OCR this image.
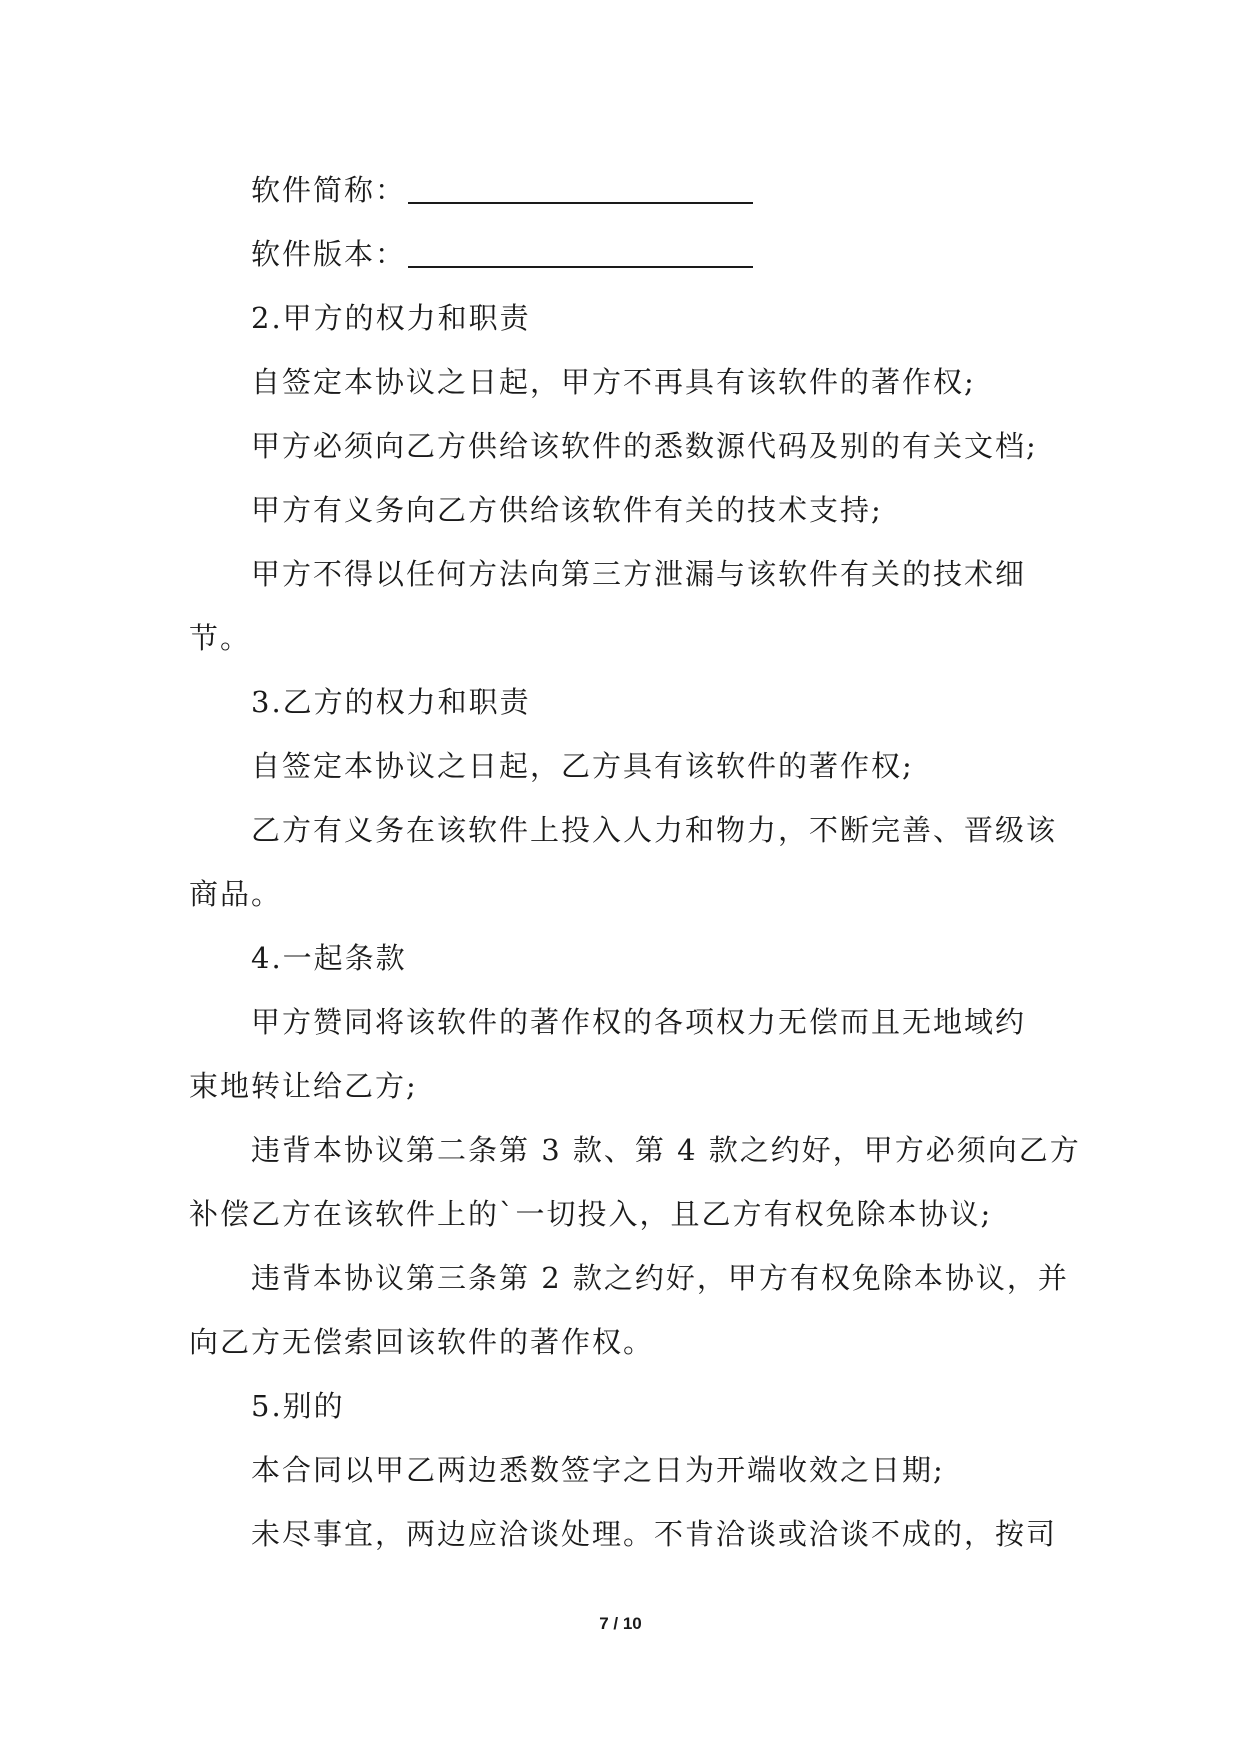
软件简称：
软件版本：
2.甲方的权力和职责
自签定本协议之日起，甲方不再具有该软件的著作权;
甲方必须向乙方供给该软件的悉数源代码及别的有关文档;
甲方有义务向乙方供给该软件有关的技术支持;
甲方不得以任何方法向第三方泄漏与该软件有关的技术细
节。
3.乙方的权力和职责
自签定本协议之日起，乙方具有该软件的著作权;
乙方有义务在该软件上投入人力和物力，不断完善、晋级该
商品。
4.一起条款
甲方赞同将该软件的著作权的各项权力无偿而且无地域约
束地转让给乙方;
违背本协议第二条第 3 款、第 4 款之约好，甲方必须向乙方
补偿乙方在该软件上的`一切投入，且乙方有权免除本协议;
违背本协议第三条第 2 款之约好，甲方有权免除本协议，并
向乙方无偿索回该软件的著作权。
5.别的
本合同以甲乙两边悉数签字之日为开端收效之日期;
未尽事宜，两边应洽谈处理。不肯洽谈或洽谈不成的，按司
7 / 10
